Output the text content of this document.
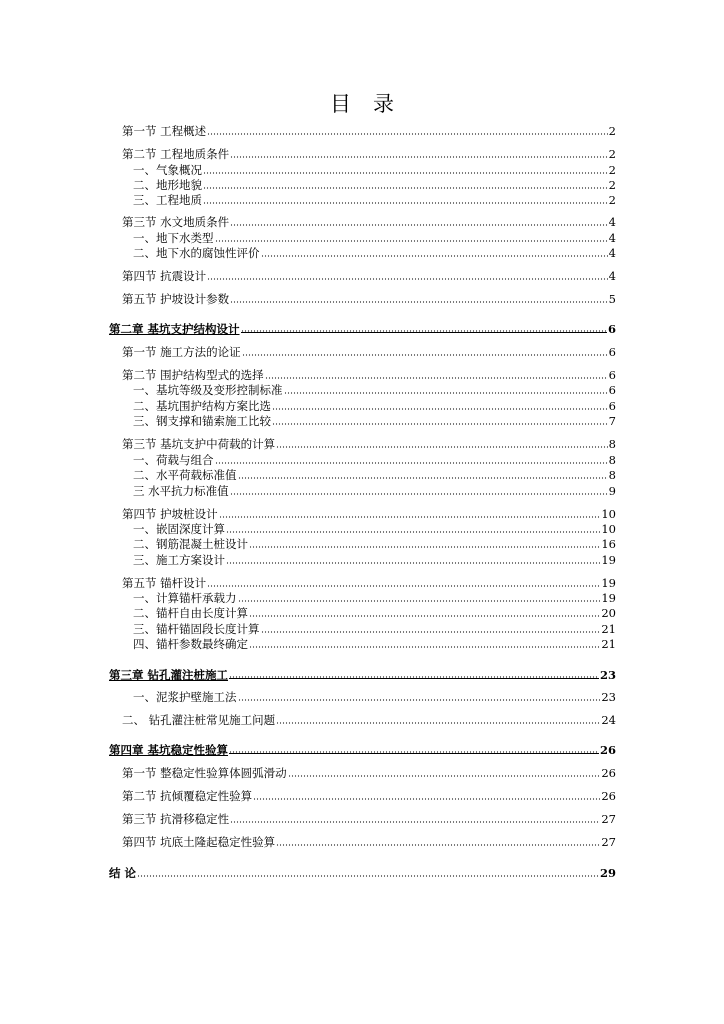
目录
第一节 工程概述	2
第二节 工程地质条件	2
一、气象概况	2
二、地形地貌	2
三、工程地质	2
第三节 水文地质条件	4
一、地下水类型	4
二、地下水的腐蚀性评价	4
第四节 抗震设计	4
第五节 护坡设计参数	5
第二章 基坑支护结构设计	6
第一节 施工方法的论证	6
第二节 围护结构型式的选择	6
一、基坑等级及变形控制标准	6
二、基坑围护结构方案比选	6
三、钢支撑和锚索施工比较	7
第三节 基坑支护中荷载的计算	8
一、荷载与组合	8
二、水平荷载标准值	8
三 水平抗力标准值	9
第四节 护坡桩设计	10
一、嵌固深度计算	10
二、钢筋混凝土桩设计	16
三、施工方案设计	19
第五节 锚杆设计	19
一、计算锚杆承载力	19
二、锚杆自由长度计算	20
三、锚杆锚固段长度计算	21
四、锚杆参数最终确定	21
第三章 钻孔灌注桩施工	23
一、泥浆护壁施工法	23
二、 钻孔灌注桩常见施工问题	24
第四章 基坑稳定性验算	26
第一节 整稳定性验算体圆弧滑动	26
第二节 抗倾覆稳定性验算	26
第三节 抗滑移稳定性	27
第四节 坑底土隆起稳定性验算	27
结 论	29
